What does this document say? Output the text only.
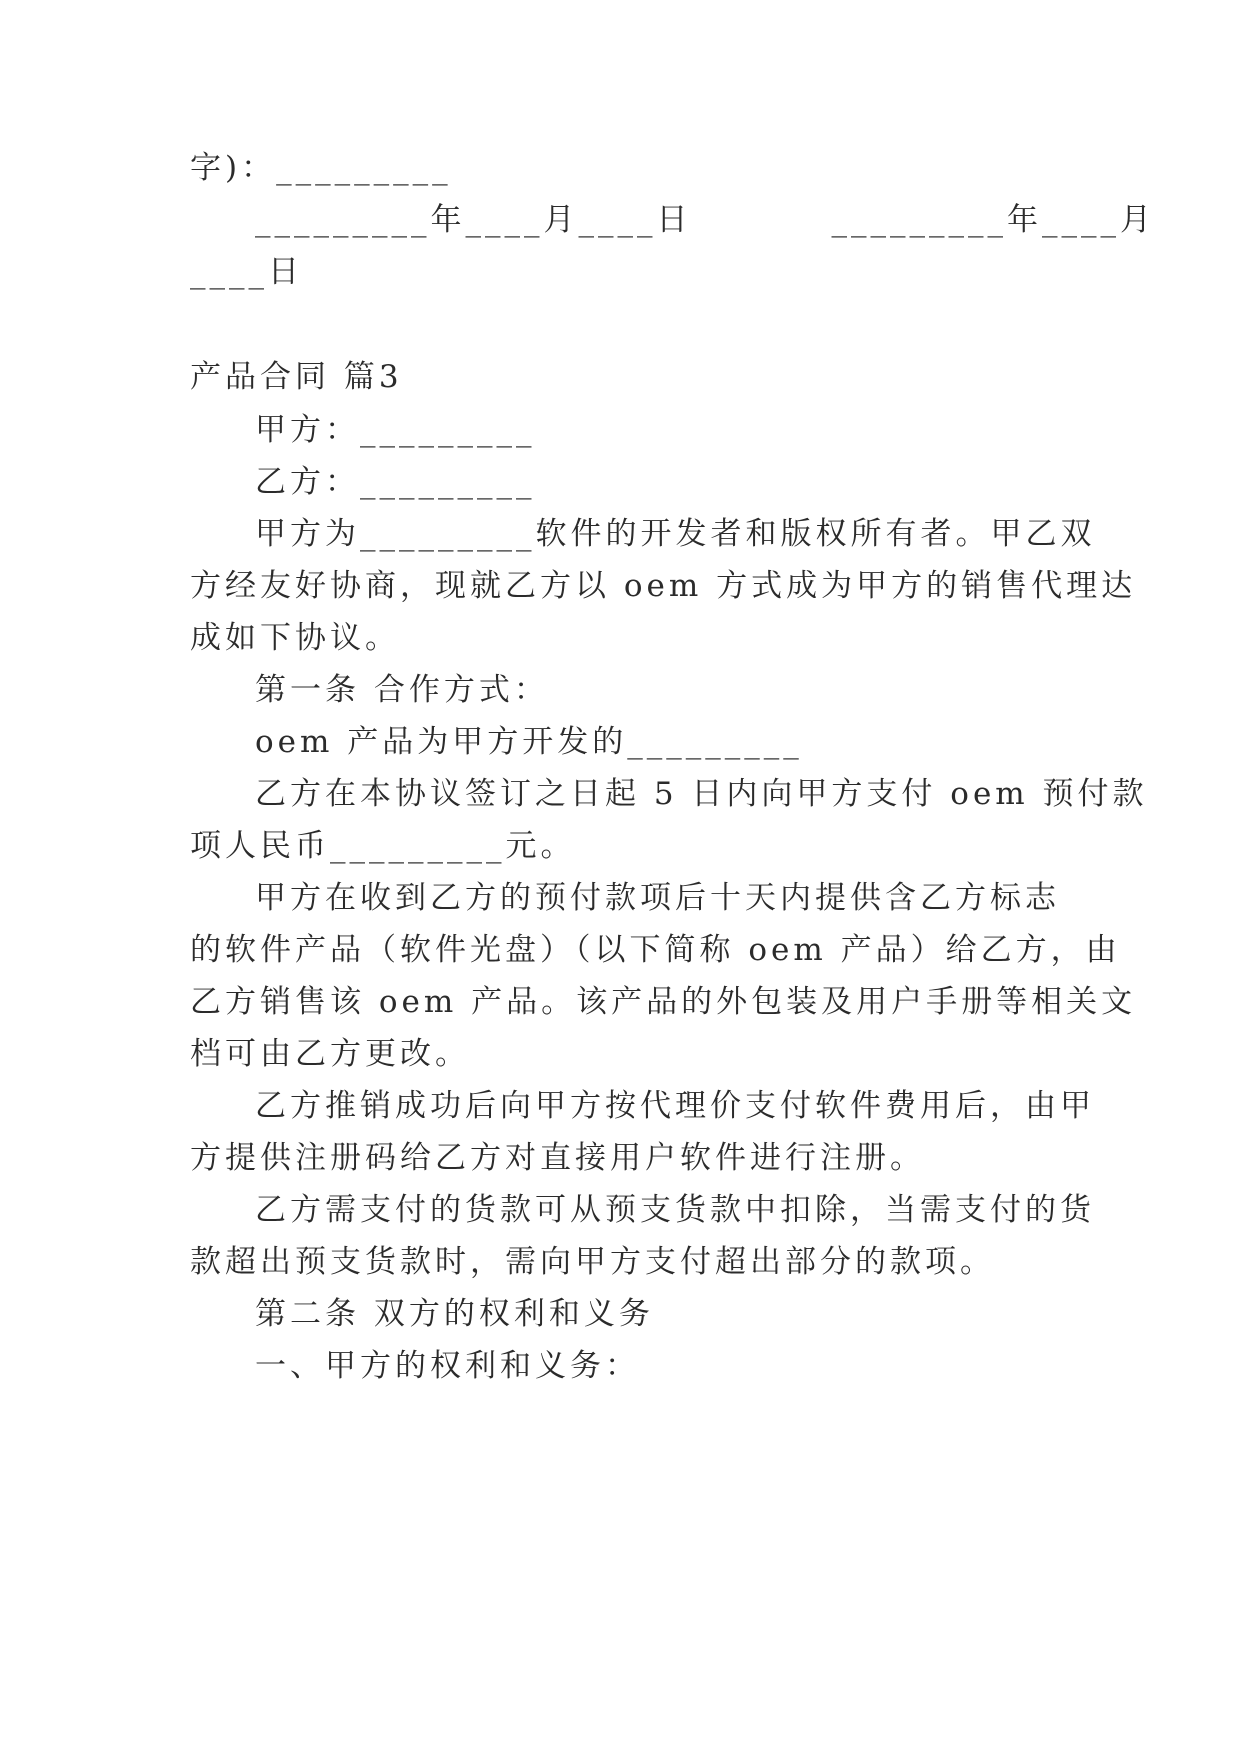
字)：_________
_________年____月____日	_________年____月
____日
产品合同 篇3
甲方：_________
乙方：_________
甲方为_________软件的开发者和版权所有者。甲乙双
方经友好协商，现就乙方以 oem 方式成为甲方的销售代理达
成如下协议。
第一条 合作方式：
oem 产品为甲方开发的_________
乙方在本协议签订之日起 5 日内向甲方支付 oem 预付款
项人民币_________元。
甲方在收到乙方的预付款项后十天内提供含乙方标志
的软件产品（软件光盘）（以下简称 oem 产品）给乙方，由
乙方销售该 oem 产品。该产品的外包装及用户手册等相关文
档可由乙方更改。
乙方推销成功后向甲方按代理价支付软件费用后，由甲
方提供注册码给乙方对直接用户软件进行注册。
乙方需支付的货款可从预支货款中扣除，当需支付的货
款超出预支货款时，需向甲方支付超出部分的款项。
第二条 双方的权利和义务
一、甲方的权利和义务：
